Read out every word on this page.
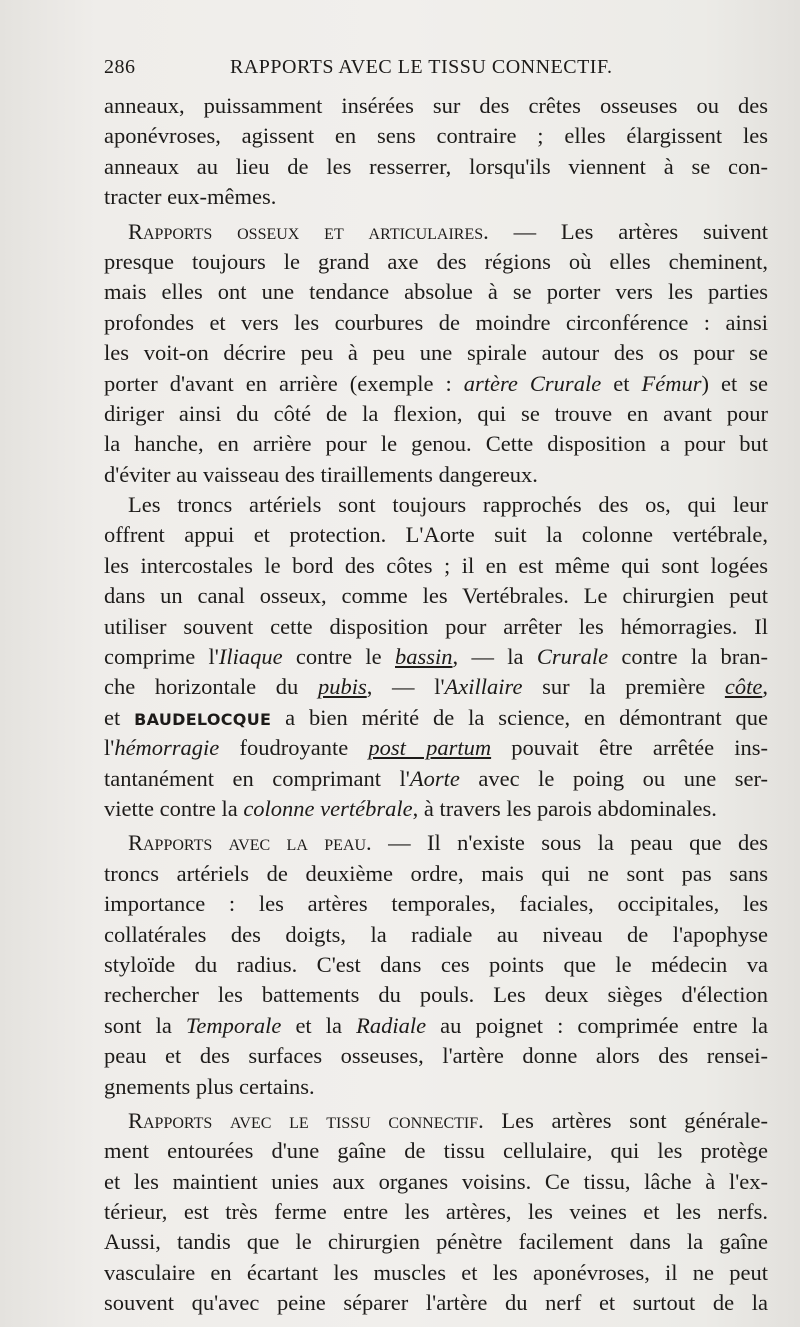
286	RAPPORTS AVEC LE TISSU CONNECTIF.
anneaux, puissamment insérées sur des crêtes osseuses ou des
aponévroses, agissent en sens contraire ; elles élargissent les
anneaux au lieu de les resserrer, lorsqu'ils viennent à se con-
tracter eux-mêmes.
Rapports osseux et articulaires. — Les artères suivent
presque toujours le grand axe des régions où elles cheminent,
mais elles ont une tendance absolue à se porter vers les parties
profondes et vers les courbures de moindre circonférence : ainsi
les voit-on décrire peu à peu une spirale autour des os pour se
porter d'avant en arrière (exemple : artère Crurale et Fémur) et se
diriger ainsi du côté de la flexion, qui se trouve en avant pour
la hanche, en arrière pour le genou. Cette disposition a pour but
d'éviter au vaisseau des tiraillements dangereux.
Les troncs artériels sont toujours rapprochés des os, qui leur
offrent appui et protection. L'Aorte suit la colonne vertébrale,
les intercostales le bord des côtes ; il en est même qui sont logées
dans un canal osseux, comme les Vertébrales. Le chirurgien peut
utiliser souvent cette disposition pour arrêter les hémorragies. Il
comprime l'Iliaque contre le bassin, — la Crurale contre la bran-
che horizontale du pubis, — l'Axillaire sur la première côte,
et BAUDELOCQUE a bien mérité de la science, en démontrant que
l'hémorragie foudroyante post partum pouvait être arrêtée ins-
tantanément en comprimant l'Aorte avec le poing ou une ser-
viette contre la colonne vertébrale, à travers les parois abdominales.
Rapports avec la peau. — Il n'existe sous la peau que des
troncs artériels de deuxième ordre, mais qui ne sont pas sans
importance : les artères temporales, faciales, occipitales, les
collatérales des doigts, la radiale au niveau de l'apophyse
styloïde du radius. C'est dans ces points que le médecin va
rechercher les battements du pouls. Les deux sièges d'élection
sont la Temporale et la Radiale au poignet : comprimée entre la
peau et des surfaces osseuses, l'artère donne alors des rensei-
gnements plus certains.
Rapports avec le tissu connectif. Les artères sont générale-
ment entourées d'une gaîne de tissu cellulaire, qui les protège
et les maintient unies aux organes voisins. Ce tissu, lâche à l'ex-
térieur, est très ferme entre les artères, les veines et les nerfs.
Aussi, tandis que le chirurgien pénètre facilement dans la gaîne
vasculaire en écartant les muscles et les aponévroses, il ne peut
souvent qu'avec peine séparer l'artère du nerf et surtout de la
